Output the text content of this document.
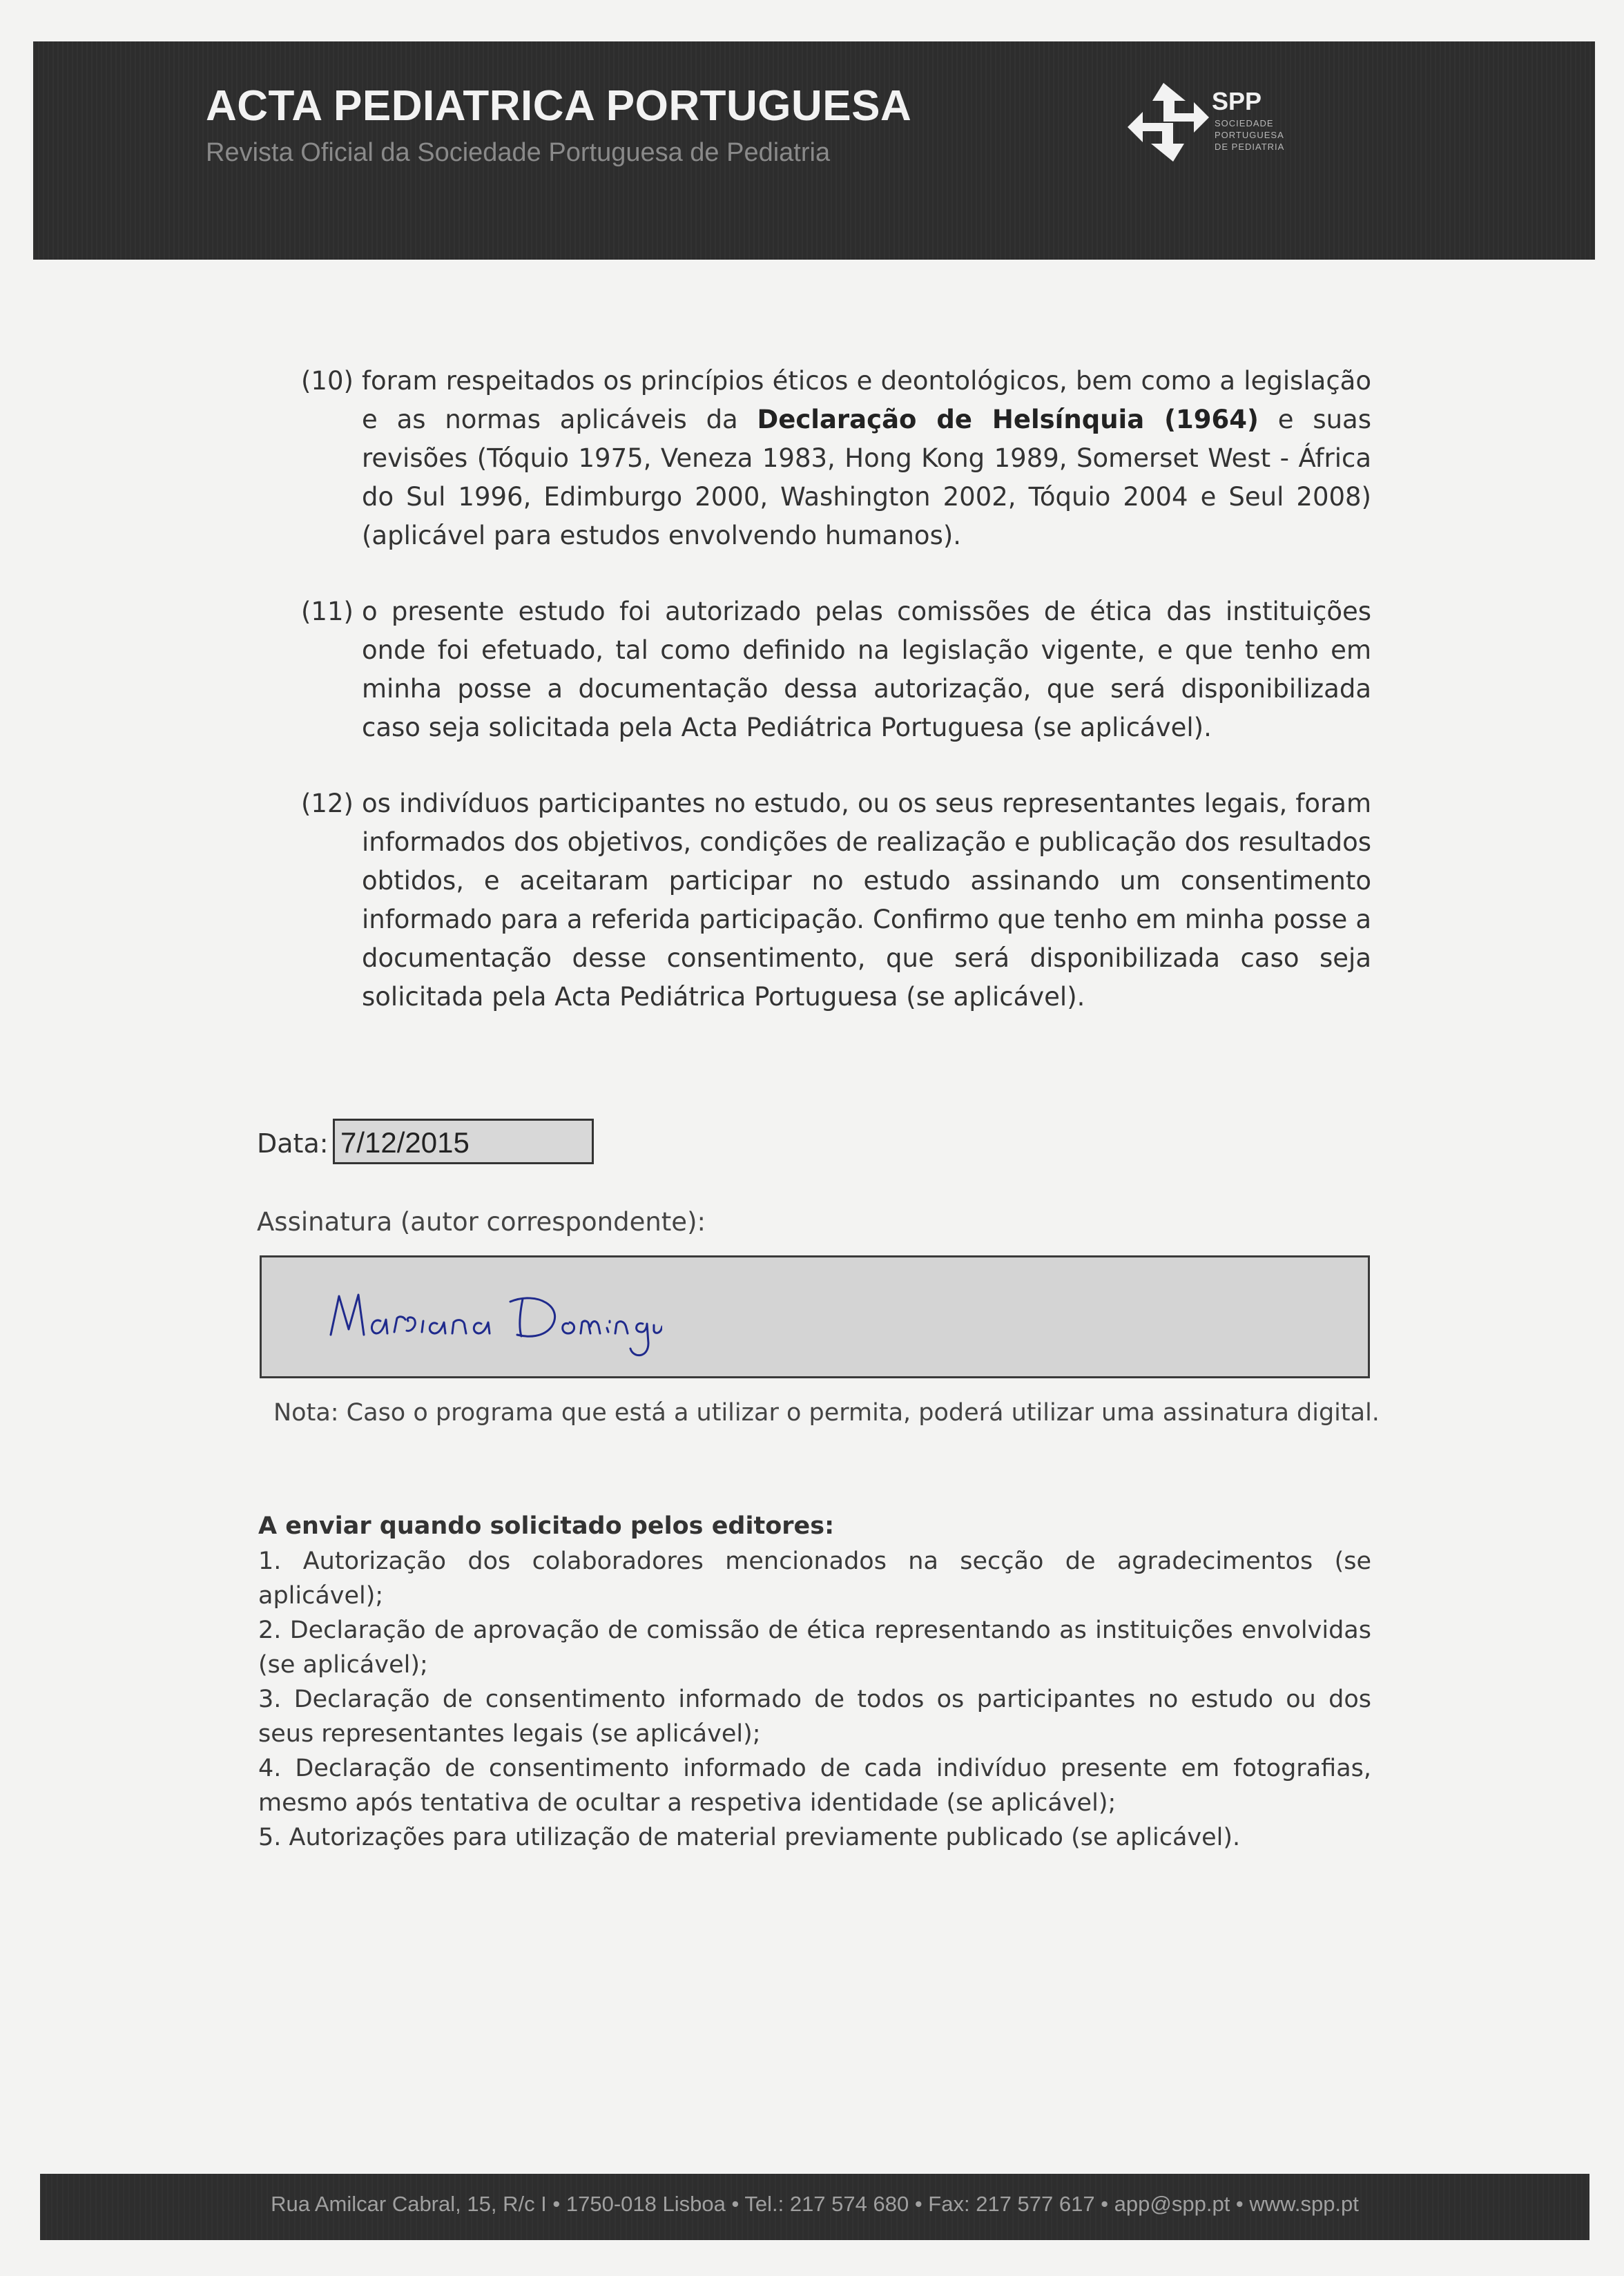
ACTA PEDIATRICA PORTUGUESA
Revista Oficial da Sociedade Portuguesa de Pediatria
SPP
SOCIEDADE
PORTUGUESA
DE PEDIATRIA
(10) foram respeitados os princípios éticos e deontológicos, bem como a legislação e as normas aplicáveis da Declaração de Helsínquia (1964) e suas revisões (Tóquio 1975, Veneza 1983, Hong Kong 1989, Somerset West - África do Sul 1996, Edimburgo 2000, Washington 2002, Tóquio 2004 e Seul 2008) (aplicável para estudos envolvendo humanos).
(11) o presente estudo foi autorizado pelas comissões de ética das instituições onde foi efetuado, tal como definido na legislação vigente, e que tenho em minha posse a documentação dessa autorização, que será disponibilizada caso seja solicitada pela Acta Pediátrica Portuguesa (se aplicável).
(12) os indivíduos participantes no estudo, ou os seus representantes legais, foram informados dos objetivos, condições de realização e publicação dos resultados obtidos, e aceitaram participar no estudo assinando um consentimento informado para a referida participação. Confirmo que tenho em minha posse a documentação desse consentimento, que será disponibilizada caso seja solicitada pela Acta Pediátrica Portuguesa (se aplicável).
Data: 7/12/2015
Assinatura (autor correspondente):
Nota: Caso o programa que está a utilizar o permita, poderá utilizar uma assinatura digital.
A enviar quando solicitado pelos editores:
1. Autorização dos colaboradores mencionados na secção de agradecimentos (se aplicável);
2. Declaração de aprovação de comissão de ética representando as instituições envolvidas (se aplicável);
3. Declaração de consentimento informado de todos os participantes no estudo ou dos seus representantes legais (se aplicável);
4. Declaração de consentimento informado de cada indivíduo presente em fotografias, mesmo após tentativa de ocultar a respetiva identidade (se aplicável);
5. Autorizações para utilização de material previamente publicado (se aplicável).
Rua Amilcar Cabral, 15, R/c I • 1750-018 Lisboa • Tel.: 217 574 680 • Fax: 217 577 617 • app@spp.pt • www.spp.pt
